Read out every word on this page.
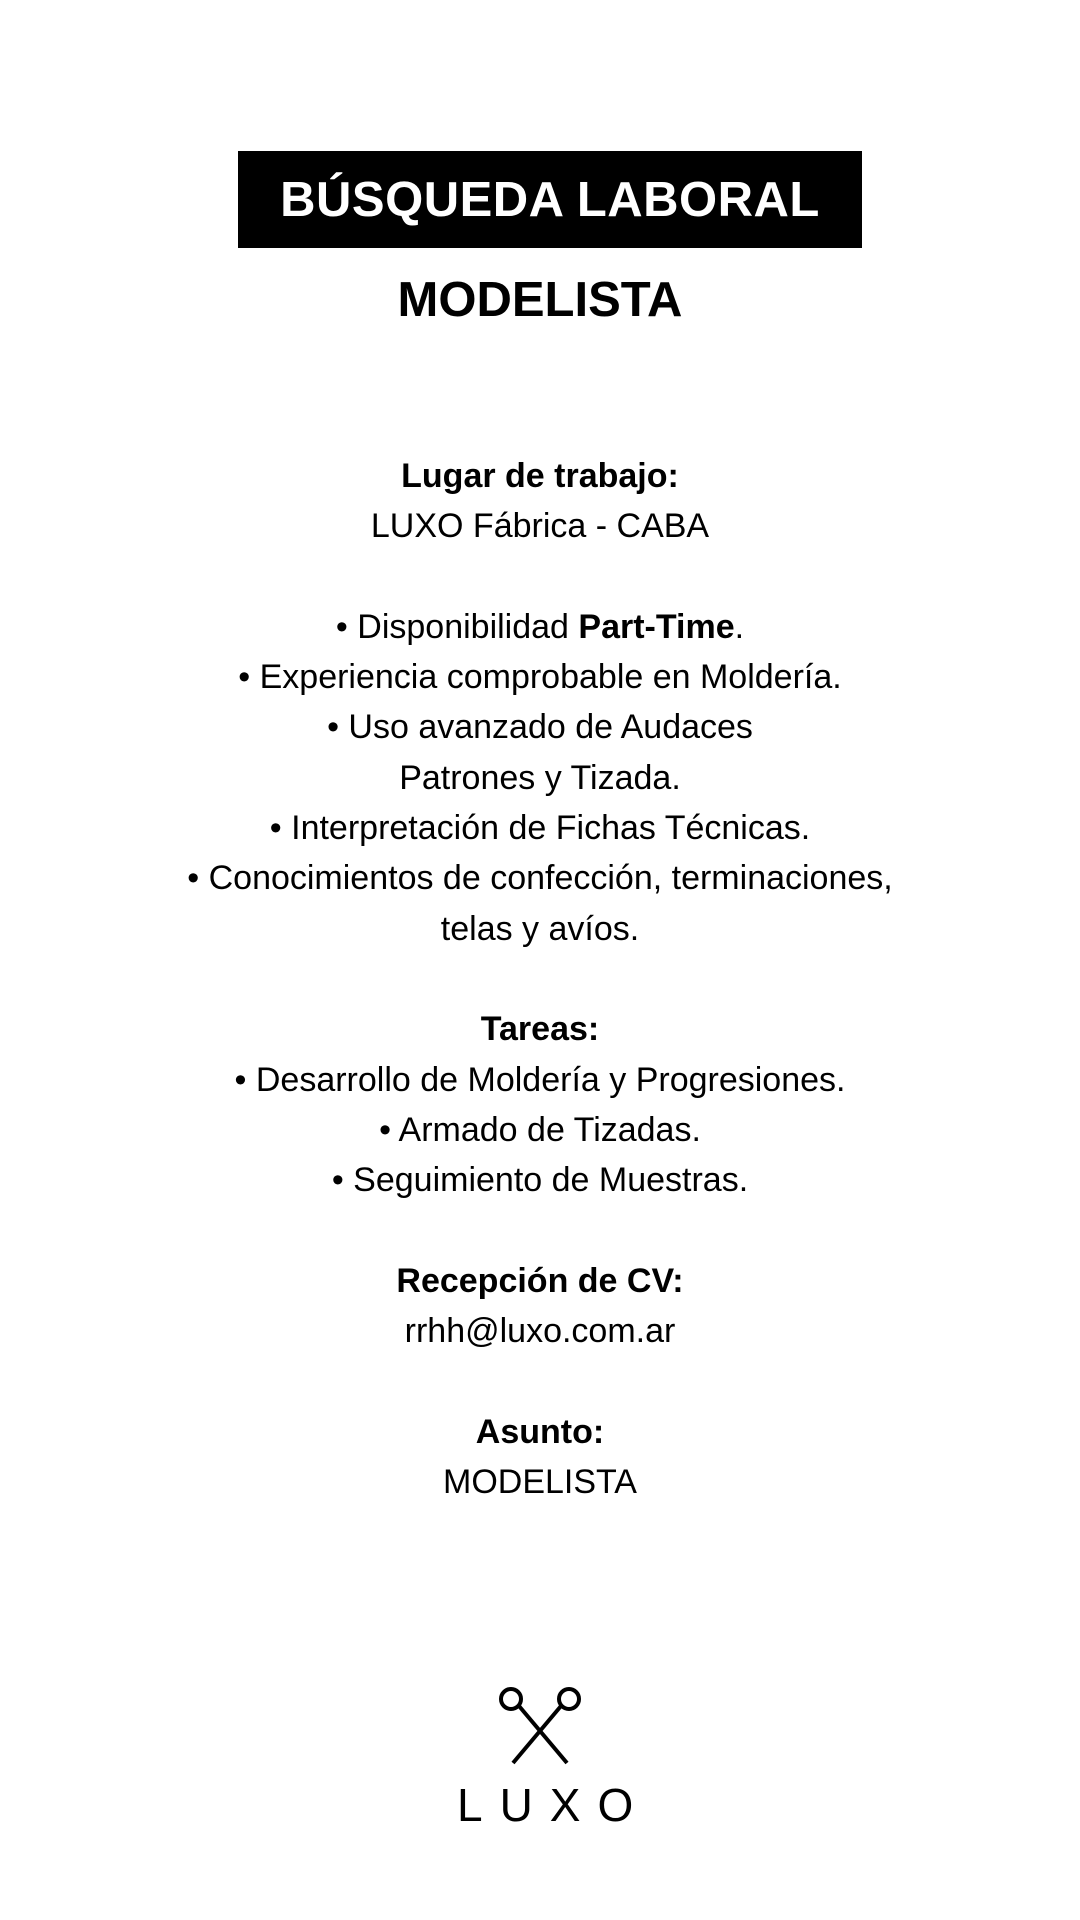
BÚSQUEDA LABORAL
MODELISTA
Lugar de trabajo:
LUXO Fábrica - CABA
• Disponibilidad Part-Time.
• Experiencia comprobable en Moldería.
• Uso avanzado de Audaces
Patrones y Tizada.
• Interpretación de Fichas Técnicas.
• Conocimientos de confección, terminaciones,
telas y avíos.
Tareas:
• Desarrollo de Moldería y Progresiones.
• Armado de Tizadas.
• Seguimiento de Muestras.
Recepción de CV:
rrhh@luxo.com.ar
Asunto:
MODELISTA
LUXO
